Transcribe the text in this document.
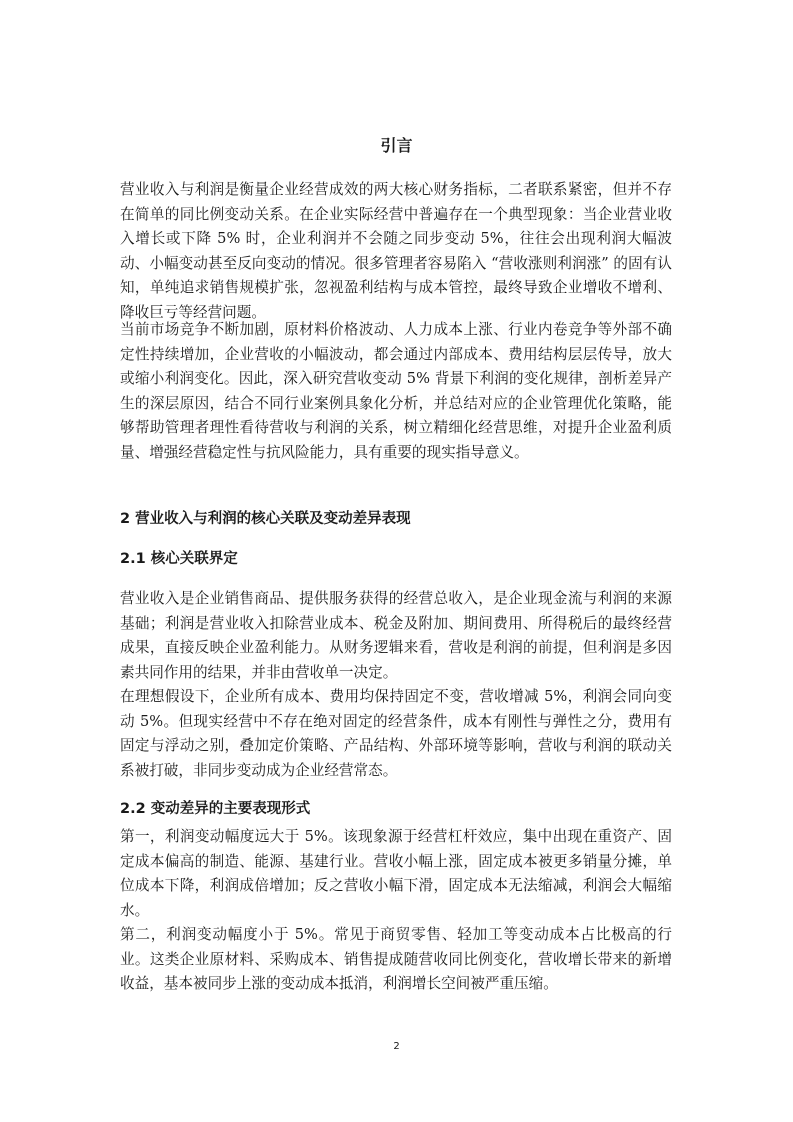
引言

营业收入与利润是衡量企业经营成效的两大核心财务指标，二者联系紧密，但并不存在简单的同比例变动关系。在企业实际经营中普遍存在一个典型现象：当企业营业收入增长或下降 5% 时，企业利润并不会随之同步变动 5%，往往会出现利润大幅波动、小幅变动甚至反向变动的情况。很多管理者容易陷入 “营收涨则利润涨” 的固有认知，单纯追求销售规模扩张，忽视盈利结构与成本管控，最终导致企业增收不增利、降收巨亏等经营问题。

当前市场竞争不断加剧，原材料价格波动、人力成本上涨、行业内卷竞争等外部不确定性持续增加，企业营收的小幅波动，都会通过内部成本、费用结构层层传导，放大或缩小利润变化。因此，深入研究营收变动 5% 背景下利润的变化规律，剖析差异产生的深层原因，结合不同行业案例具象化分析，并总结对应的企业管理优化策略，能够帮助管理者理性看待营收与利润的关系，树立精细化经营思维，对提升企业盈利质量、增强经营稳定性与抗风险能力，具有重要的现实指导意义。

2 营业收入与利润的核心关联及变动差异表现
2.1 核心关联界定

营业收入是企业销售商品、提供服务获得的经营总收入，是企业现金流与利润的来源基础；利润是营业收入扣除营业成本、税金及附加、期间费用、所得税后的最终经营成果，直接反映企业盈利能力。从财务逻辑来看，营收是利润的前提，但利润是多因素共同作用的结果，并非由营收单一决定。

在理想假设下，企业所有成本、费用均保持固定不变，营收增减 5%，利润会同向变动 5%。但现实经营中不存在绝对固定的经营条件，成本有刚性与弹性之分，费用有固定与浮动之别，叠加定价策略、产品结构、外部环境等影响，营收与利润的联动关系被打破，非同步变动成为企业经营常态。

2.2 变动差异的主要表现形式

第一，利润变动幅度远大于 5%。该现象源于经营杠杆效应，集中出现在重资产、固定成本偏高的制造、能源、基建行业。营收小幅上涨，固定成本被更多销量分摊，单位成本下降，利润成倍增加；反之营收小幅下滑，固定成本无法缩减，利润会大幅缩水。

第二，利润变动幅度小于 5%。常见于商贸零售、轻加工等变动成本占比极高的行业。这类企业原材料、采购成本、销售提成随营收同比例变化，营收增长带来的新增收益，基本被同步上涨的变动成本抵消，利润增长空间被严重压缩。

2
